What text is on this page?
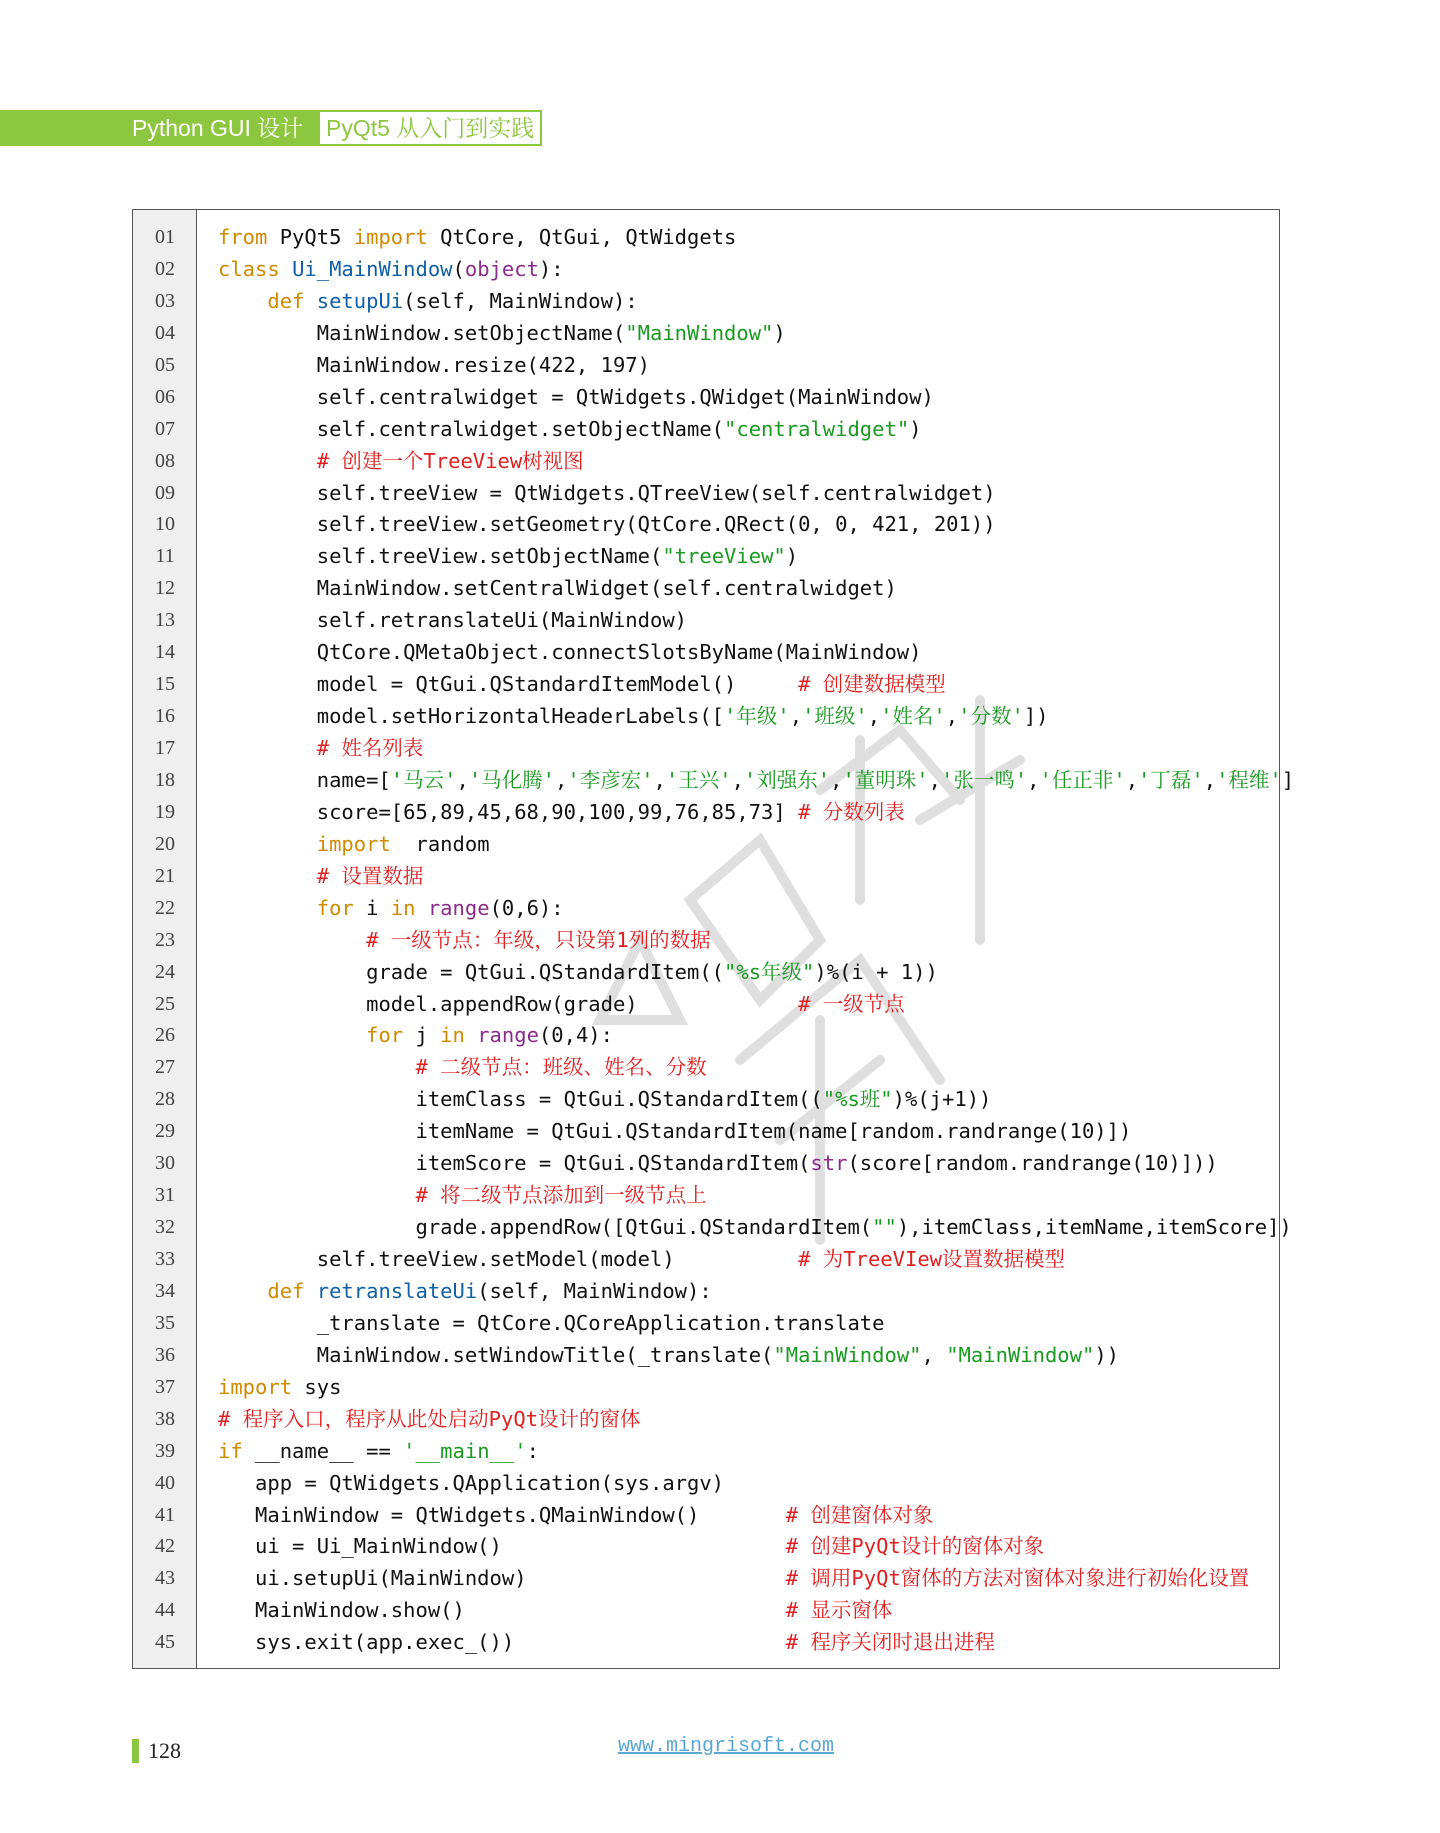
Python GUI 设计 PyQt5 从入门到实践
01	from PyQt5 import QtCore, QtGui, QtWidgets
02	class Ui_MainWindow(object):
03	def setupUi(self, MainWindow):
04	MainWindow.setObjectName("MainWindow")
05	MainWindow.resize(422, 197)
06	self.centralwidget = QtWidgets.QWidget(MainWindow)
07	self.centralwidget.setObjectName("centralwidget")
08	# 创建一个TreeView树视图
09	self.treeView = QtWidgets.QTreeView(self.centralwidget)
10	self.treeView.setGeometry(QtCore.QRect(0, 0, 421, 201))
11	self.treeView.setObjectName("treeView")
12	MainWindow.setCentralWidget(self.centralwidget)
13	self.retranslateUi(MainWindow)
14	QtCore.QMetaObject.connectSlotsByName(MainWindow)
15	model = QtGui.QStandardItemModel()     # 创建数据模型
16	model.setHorizontalHeaderLabels(['年级','班级','姓名','分数'])
17	# 姓名列表
18	name=['马云','马化腾','李彦宏','王兴','刘强东','董明珠','张一鸣','任正非','丁磊','程维']
19	score=[65,89,45,68,90,100,99,76,85,73] # 分数列表
20	import  random
21	# 设置数据
22	for i in range(0,6):
23	# 一级节点：年级，只设第1列的数据
24	grade = QtGui.QStandardItem(("%s年级")%(i + 1))
25	model.appendRow(grade)             # 一级节点
26	for j in range(0,4):
27	# 二级节点：班级、姓名、分数
28	itemClass = QtGui.QStandardItem(("%s班")%(j+1))
29	itemName = QtGui.QStandardItem(name[random.randrange(10)])
30	itemScore = QtGui.QStandardItem(str(score[random.randrange(10)]))
31	# 将二级节点添加到一级节点上
32	grade.appendRow([QtGui.QStandardItem(""),itemClass,itemName,itemScore])
33	self.treeView.setModel(model)          # 为TreeVIew设置数据模型
34	def retranslateUi(self, MainWindow):
35	_translate = QtCore.QCoreApplication.translate
36	MainWindow.setWindowTitle(_translate("MainWindow", "MainWindow"))
37	import sys
38	# 程序入口，程序从此处启动PyQt设计的窗体
39	if __name__ == '__main__':
40	app = QtWidgets.QApplication(sys.argv)
41	MainWindow = QtWidgets.QMainWindow()       # 创建窗体对象
42	ui = Ui_MainWindow()                       # 创建PyQt设计的窗体对象
43	ui.setupUi(MainWindow)                     # 调用PyQt窗体的方法对窗体对象进行初始化设置
44	MainWindow.show()                          # 显示窗体
45	sys.exit(app.exec_())                      # 程序关闭时退出进程
128	www.mingrisoft.com
